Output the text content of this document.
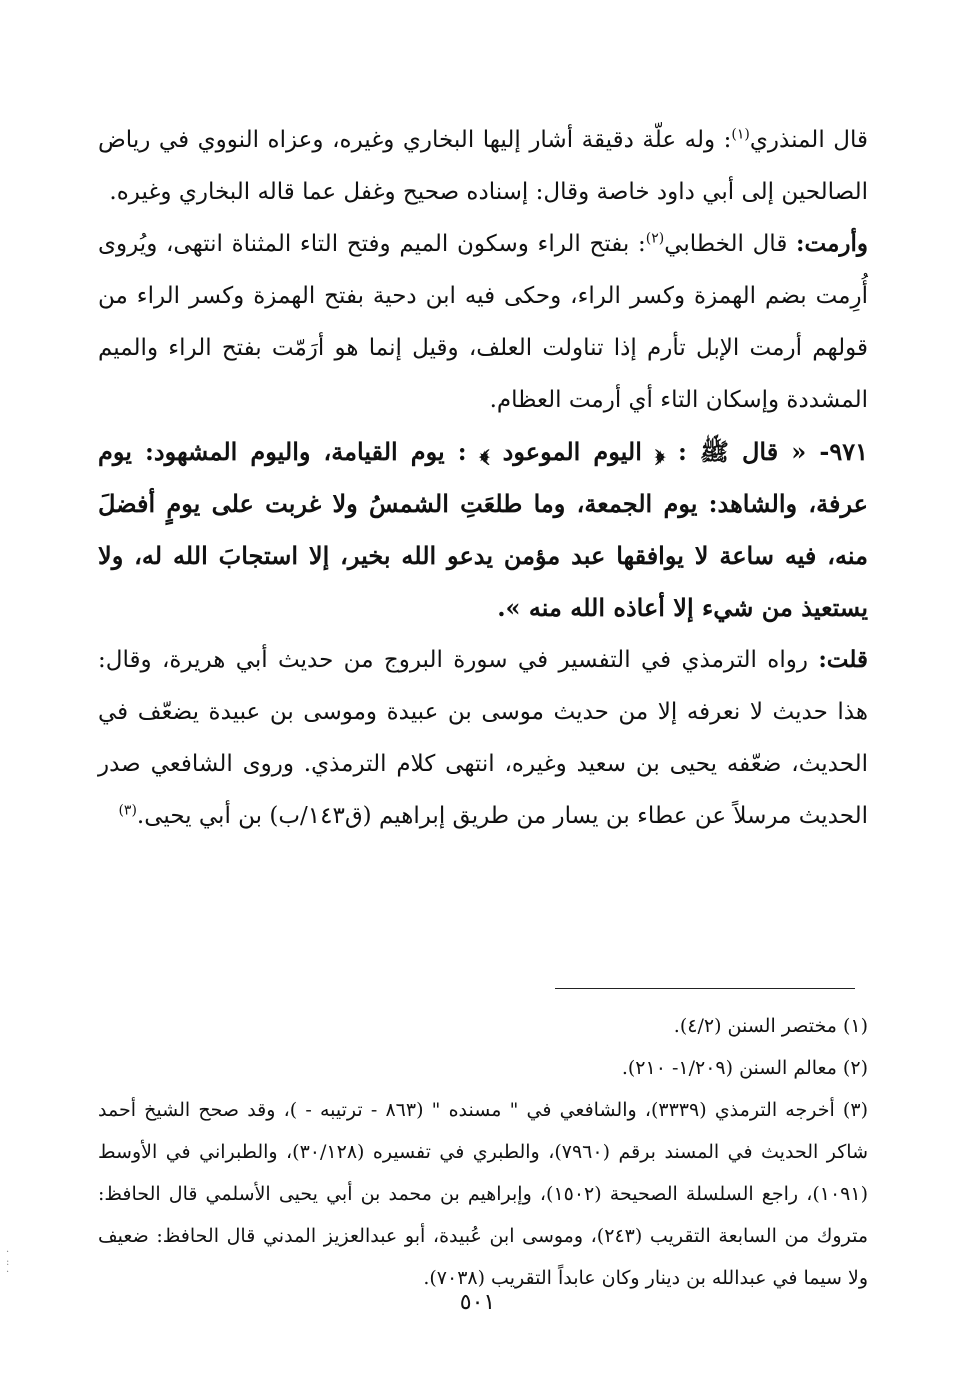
قال المنذري$^{(١)}$: وله علّة دقيقة أشار إليها البخاري وغيره، وعزاه النووي في رياض الصالحين إلى أبي داود خاصة وقال: إسناده صحيح وغفل عما قاله البخاري وغيره.

وأرمت: قال الخطابي$^{(٢)}$: بفتح الراء وسكون الميم وفتح التاء المثناة انتهى، ويُروى أُرِمت بضم الهمزة وكسر الراء، وحكى فيه ابن دحية بفتح الهمزة وكسر الراء من قولهم أرمت الإبل تأرم إذا تناولت العلف، وقيل إنما هو أرَمّت بفتح الراء والميم المشددة وإسكان التاء أي أرمت العظام.

٩٧١- « قال ﷺ : ﴿ اليوم الموعود ﴾ : يوم القيامة، واليوم المشهود: يوم عرفة، والشاهد: يوم الجمعة، وما طلعَتِ الشمسُ ولا غربت على يومٍ أفضلَ منه، فيه ساعة لا يوافقها عبد مؤمن يدعو الله بخير، إلا استجابَ الله له، ولا يستعيذ من شيء إلا أعاذه الله منه ».

قلت: رواه الترمذي في التفسير في سورة البروج من حديث أبي هريرة، وقال: هذا حديث لا نعرفه إلا من حديث موسى بن عبيدة وموسى بن عبيدة يضعّف في الحديث، ضعّفه يحيى بن سعيد وغيره، انتهى كلام الترمذي. وروى الشافعي صدر الحديث مرسلاً عن عطاء بن يسار من طريق إبراهيم (ق١٤٣/ب) بن أبي يحيى.$^{(٣)}$

(١) مختصر السنن (٤/٢).

(٢) معالم السنن (١/٢٠٩- ٢١٠).

(٣) أخرجه الترمذي (٣٣٣٩)، والشافعي في " مسنده " (٨٦٣ - ترتيبه - )، وقد صحح الشيخ أحمد شاكر الحديث في المسند برقم (٧٩٦٠)، والطبري في تفسيره (٣٠/١٢٨)، والطبراني في الأوسط (١٠٩١)، راجع السلسلة الصحيحة (١٥٠٢)، وإبراهيم بن محمد بن أبي يحيى الأسلمي قال الحافظ: متروك من السابعة التقريب (٢٤٣)، وموسى ابن عُبيدة، أبو عبدالعزيز المدني قال الحافظ: ضعيف ولا سيما في عبدالله بن دينار وكان عابداً التقريب (٧٠٣٨).

٥٠١
·
:
·
